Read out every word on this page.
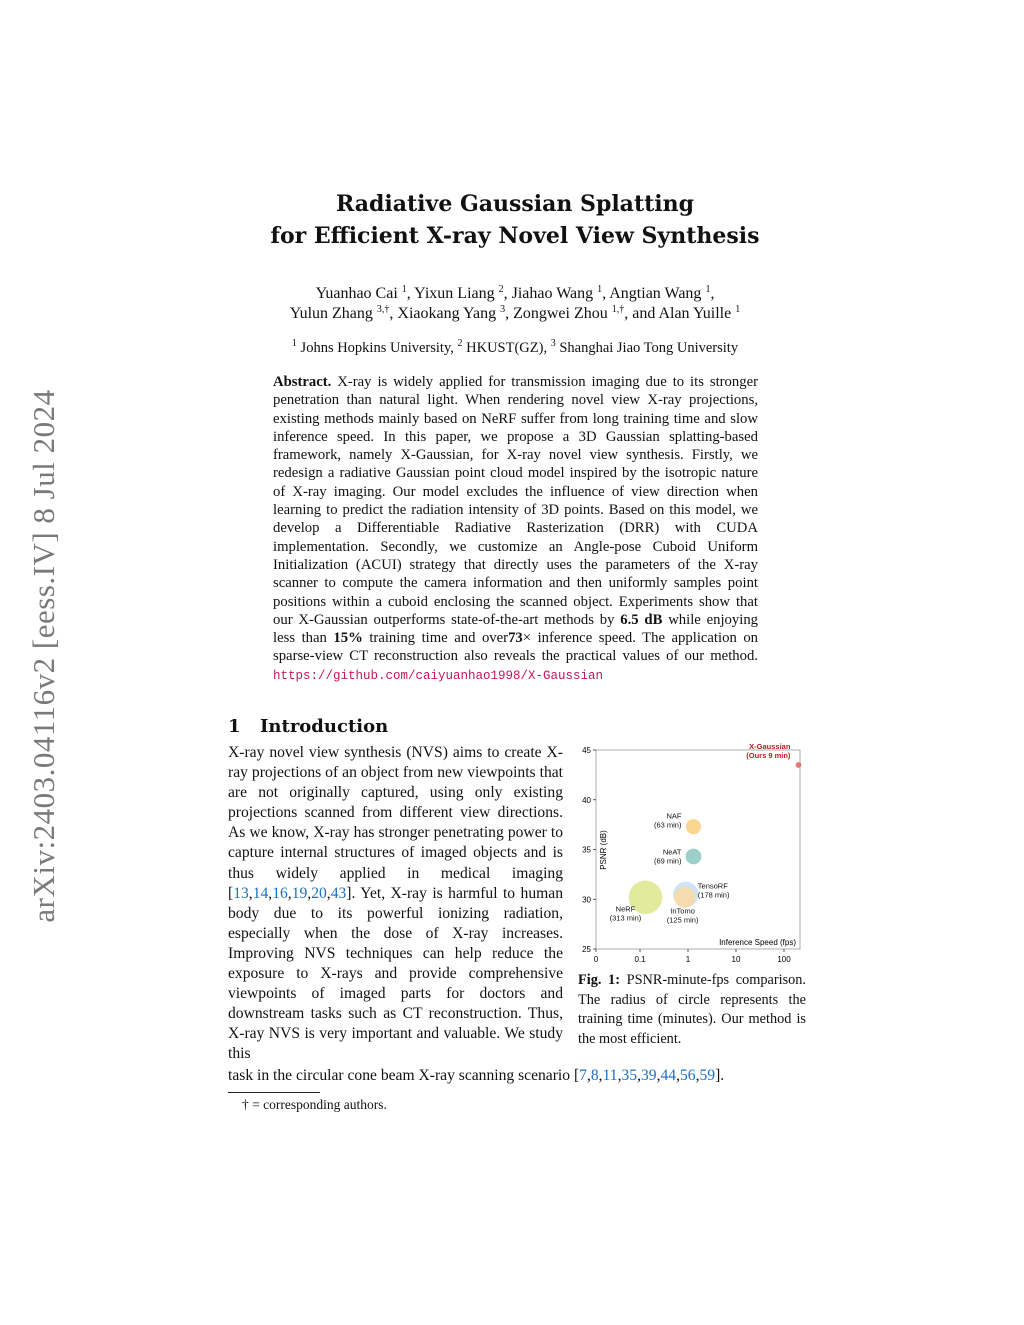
arXiv:2403.04116v2 [eess.IV] 8 Jul 2024
Radiative Gaussian Splatting
for Efficient X-ray Novel View Synthesis
Yuanhao Cai $^1$, Yixun Liang $^2$, Jiahao Wang $^1$, Angtian Wang $^1$,
Yulun Zhang $^{3,\dagger}$, Xiaokang Yang $^3$, Zongwei Zhou $^{1,\dagger}$, and Alan Yuille $^1$
$^1$ Johns Hopkins University, $^2$ HKUST(GZ), $^3$ Shanghai Jiao Tong University
Abstract. X-ray is widely applied for transmission imaging due to its stronger penetration than natural light. When rendering novel view X-ray projections, existing methods mainly based on NeRF suffer from long training time and slow inference speed. In this paper, we propose a 3D Gaussian splatting-based framework, namely X-Gaussian, for X-ray novel view synthesis. Firstly, we redesign a radiative Gaussian point cloud model inspired by the isotropic nature of X-ray imaging. Our model excludes the influence of view direction when learning to predict the radiation intensity of 3D points. Based on this model, we develop a Differentiable Radiative Rasterization (DRR) with CUDA implementation. Secondly, we customize an Angle-pose Cuboid Uniform Initialization (ACUI) strategy that directly uses the parameters of the X-ray scanner to compute the camera information and then uniformly samples point positions within a cuboid enclosing the scanned object. Experiments show that our X-Gaussian outperforms state-of-the-art methods by 6.5 dB while enjoying less than 15% training time and over73× inference speed. The application on sparse-view CT reconstruction also reveals the practical values of our method. https://github.com/caiyuanhao1998/X-Gaussian
1 Introduction
X-ray novel view synthesis (NVS) aims to create X-ray projections of an object from new viewpoints that are not originally captured, using only existing projections scanned from different view directions. As we know, X-ray has stronger penetrating power to capture internal structures of imaged objects and is thus widely applied in medical imaging [13,14,16,19,20,43]. Yet, X-ray is harmful to human body due to its powerful ionizing radiation, especially when the dose of X-ray increases. Improving NVS techniques can help reduce the exposure to X-rays and provide comprehensive viewpoints of imaged parts for doctors and downstream tasks such as CT reconstruction. Thus, X-ray NVS is very important and valuable. We study this
task in the circular cone beam X-ray scanning scenario [7,8,11,35,39,44,56,59].
† = corresponding authors.
25
30
35
40
45
0	0.1	1	10	100
Inference Speed (fps)
PSNR (dB)
X-Gaussian
(Ours 9 min)
NAF
(63 min)
NeAT
(69 min)
TensoRF
(178 min)
InTomo
(125 min)
NeRF
(313 min)
Fig. 1: PSNR-minute-fps comparison. The radius of circle represents the training time (minutes). Our method is the most efficient.
